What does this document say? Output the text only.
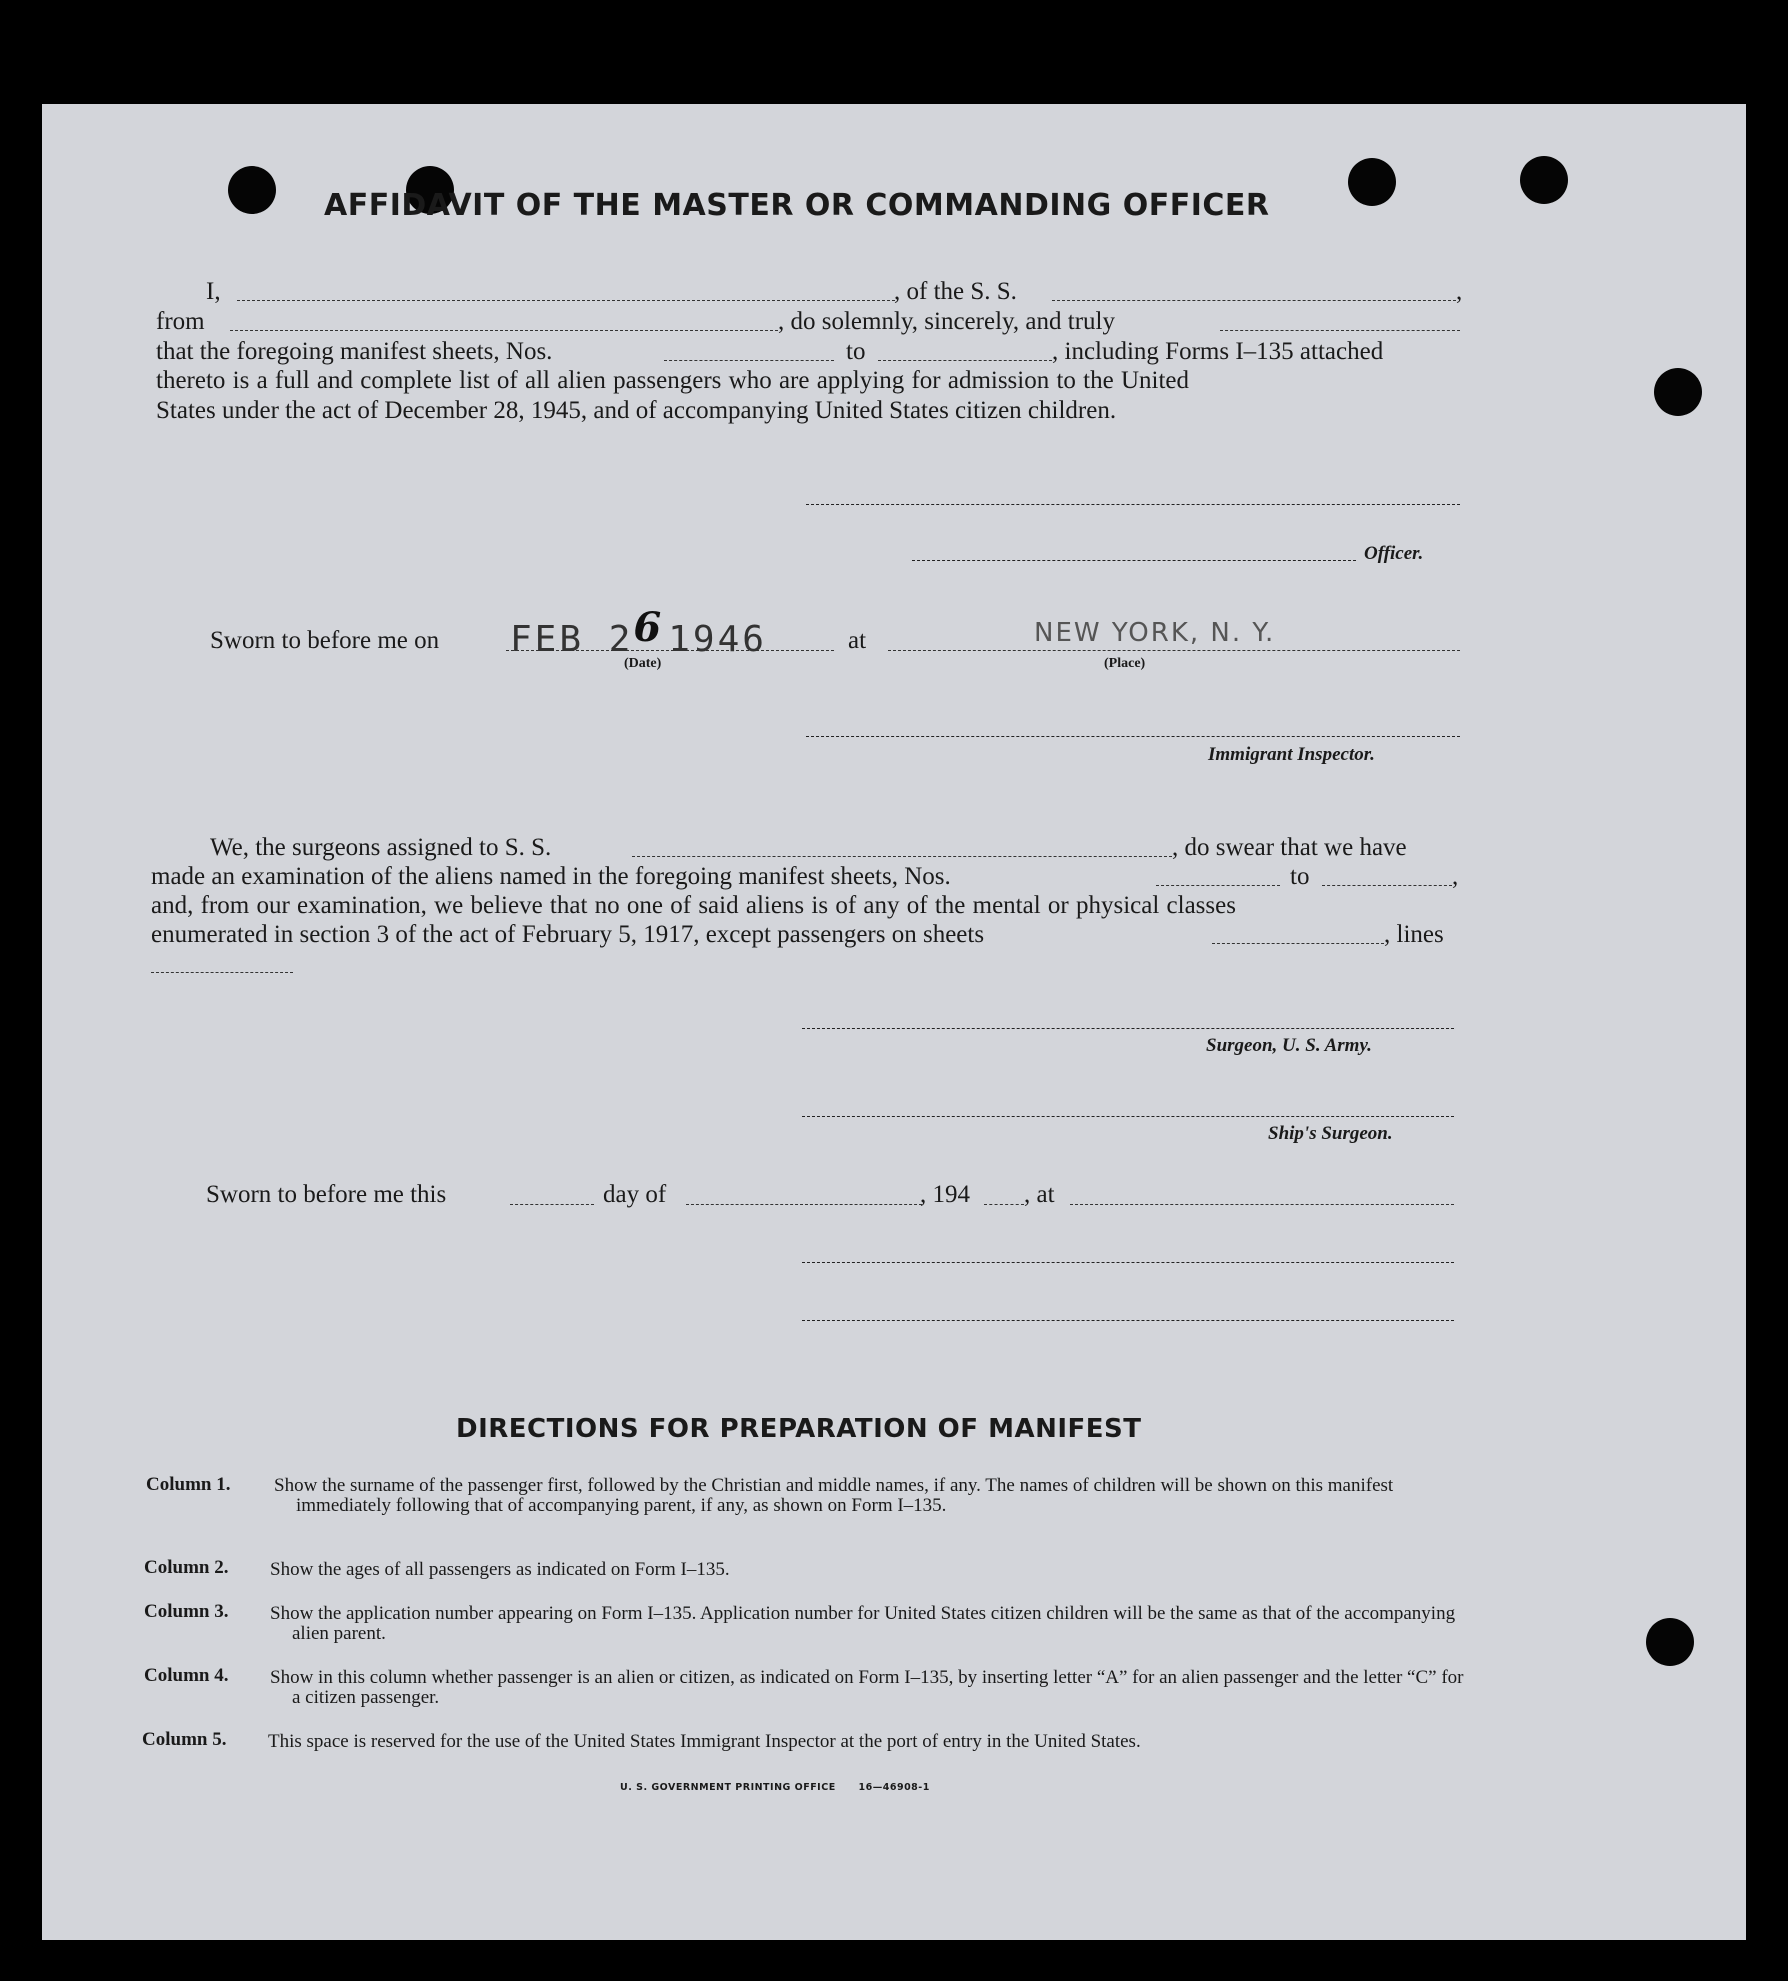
AFFIDAVIT OF THE MASTER OR COMMANDING OFFICER
I,	, of the S. S.	,
from	, do solemnly, sincerely, and truly
that the foregoing manifest sheets, Nos.	to	, including Forms I–135 attached
thereto is a full and complete list of all alien passengers who are applying for admission to the United
States under the act of December 28, 1945, and of accompanying United States citizen children.
Officer.
Sworn to before me on FEB 26 1946
(Date)
at	NEW YORK, N. Y.
(Place)
Immigrant Inspector.
We, the surgeons assigned to S. S.	, do swear that we have
made an examination of the aliens named in the foregoing manifest sheets, Nos.	to	,
and, from our examination, we believe that no one of said aliens is of any of the mental or physical classes
enumerated in section 3 of the act of February 5, 1917, except passengers on sheets	, lines
Surgeon, U. S. Army.
Ship's Surgeon.
Sworn to before me this	day of	, 194 , at
DIRECTIONS FOR PREPARATION OF MANIFEST
Column 1. Show the surname of the passenger first, followed by the Christian and middle names, if any. The names of children will be shown on this manifest immediately following that of accompanying parent, if any, as shown on Form I–135.
Column 2. Show the ages of all passengers as indicated on Form I–135.
Column 3. Show the application number appearing on Form I–135. Application number for United States citizen children will be the same as that of the accompanying alien parent.
Column 4. Show in this column whether passenger is an alien or citizen, as indicated on Form I–135, by inserting letter “A” for an alien passenger and the letter “C” for a citizen passenger.
Column 5. This space is reserved for the use of the United States Immigrant Inspector at the port of entry in the United States.
U. S. GOVERNMENT PRINTING OFFICE      16—46908-1
